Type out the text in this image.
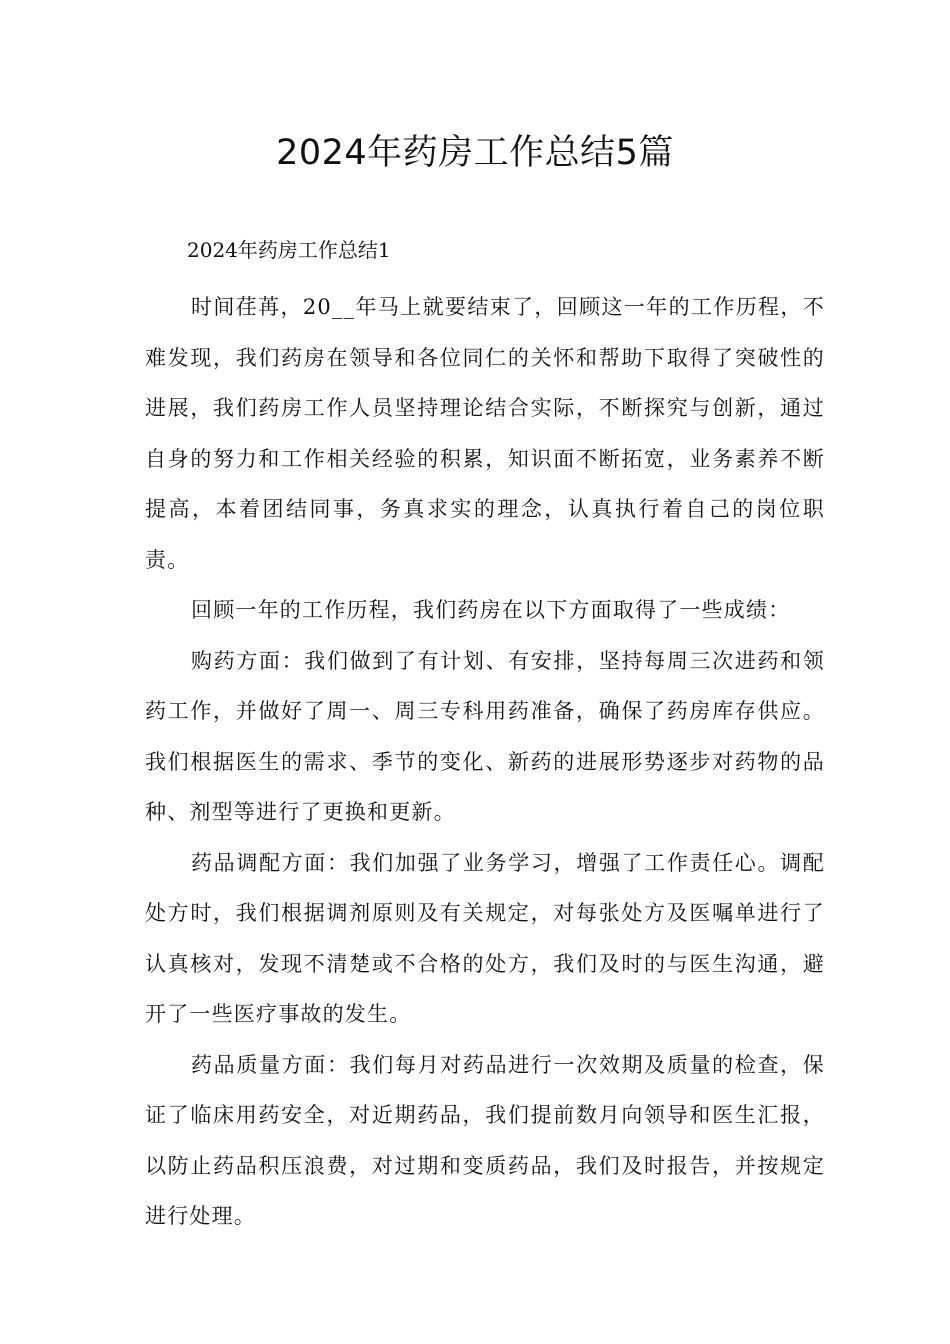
2024年药房工作总结5篇

2024年药房工作总结1

时间荏苒，20__年马上就要结束了，回顾这一年的工作历程，不难发现，我们药房在领导和各位同仁的关怀和帮助下取得了突破性的进展，我们药房工作人员坚持理论结合实际，不断探究与创新，通过自身的努力和工作相关经验的积累，知识面不断拓宽，业务素养不断提高，本着团结同事，务真求实的理念，认真执行着自己的岗位职责。

回顾一年的工作历程，我们药房在以下方面取得了一些成绩：

购药方面：我们做到了有计划、有安排，坚持每周三次进药和领药工作，并做好了周一、周三专科用药准备，确保了药房库存供应。我们根据医生的需求、季节的变化、新药的进展形势逐步对药物的品种、剂型等进行了更换和更新。

药品调配方面：我们加强了业务学习，增强了工作责任心。调配处方时，我们根据调剂原则及有关规定，对每张处方及医嘱单进行了认真核对，发现不清楚或不合格的处方，我们及时的与医生沟通，避开了一些医疗事故的发生。

药品质量方面：我们每月对药品进行一次效期及质量的检查，保证了临床用药安全，对近期药品，我们提前数月向领导和医生汇报，以防止药品积压浪费，对过期和变质药品，我们及时报告，并按规定进行处理。
